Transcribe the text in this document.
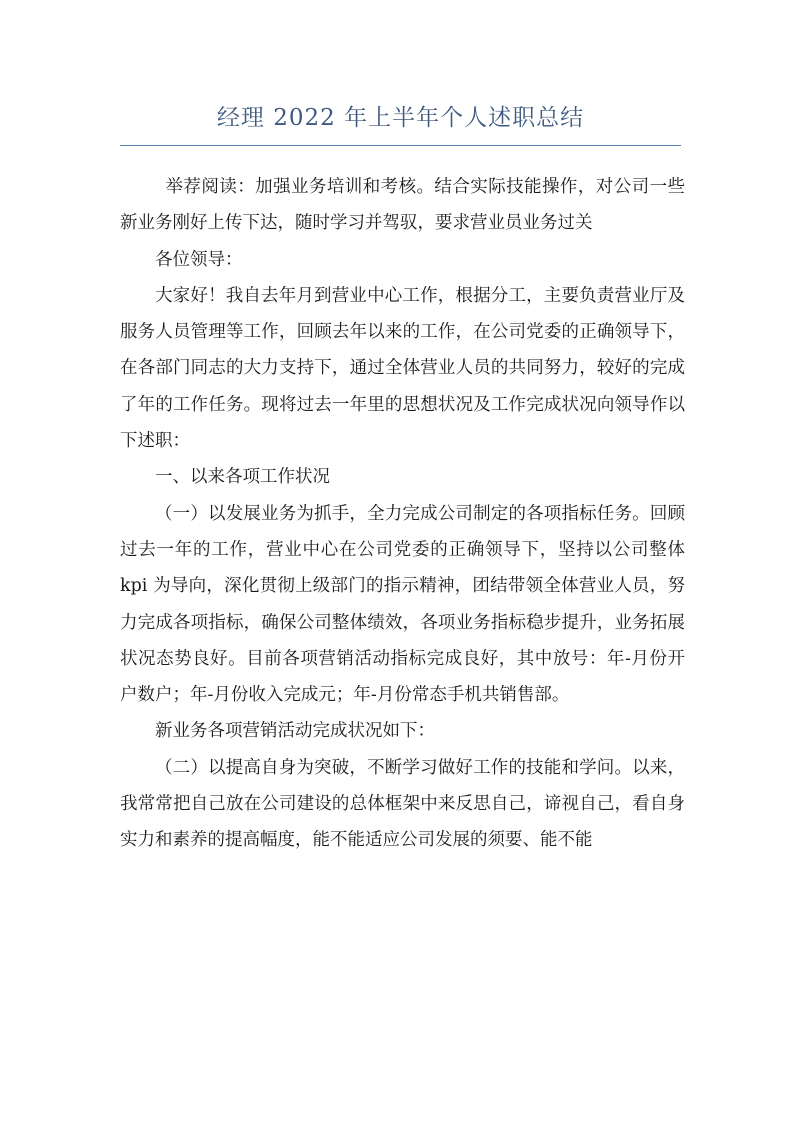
经理 2022 年上半年个人述职总结

举荐阅读：加强业务培训和考核。结合实际技能操作，对公司一些新业务刚好上传下达，随时学习并驾驭，要求营业员业务过关

各位领导：

大家好！我自去年月到营业中心工作，根据分工，主要负责营业厅及服务人员管理等工作，回顾去年以来的工作，在公司党委的正确领导下，在各部门同志的大力支持下，通过全体营业人员的共同努力，较好的完成了年的工作任务。现将过去一年里的思想状况及工作完成状况向领导作以下述职：

一、以来各项工作状况

（一）以发展业务为抓手，全力完成公司制定的各项指标任务。回顾过去一年的工作，营业中心在公司党委的正确领导下，坚持以公司整体 kpi 为导向，深化贯彻上级部门的指示精神，团结带领全体营业人员，努力完成各项指标，确保公司整体绩效，各项业务指标稳步提升，业务拓展状况态势良好。目前各项营销活动指标完成良好，其中放号：年-月份开户数户；年-月份收入完成元；年-月份常态手机共销售部。

新业务各项营销活动完成状况如下：

（二）以提高自身为突破，不断学习做好工作的技能和学问。以来，我常常把自己放在公司建设的总体框架中来反思自己，谛视自己，看自身实力和素养的提高幅度，能不能适应公司发展的须要、能不能
